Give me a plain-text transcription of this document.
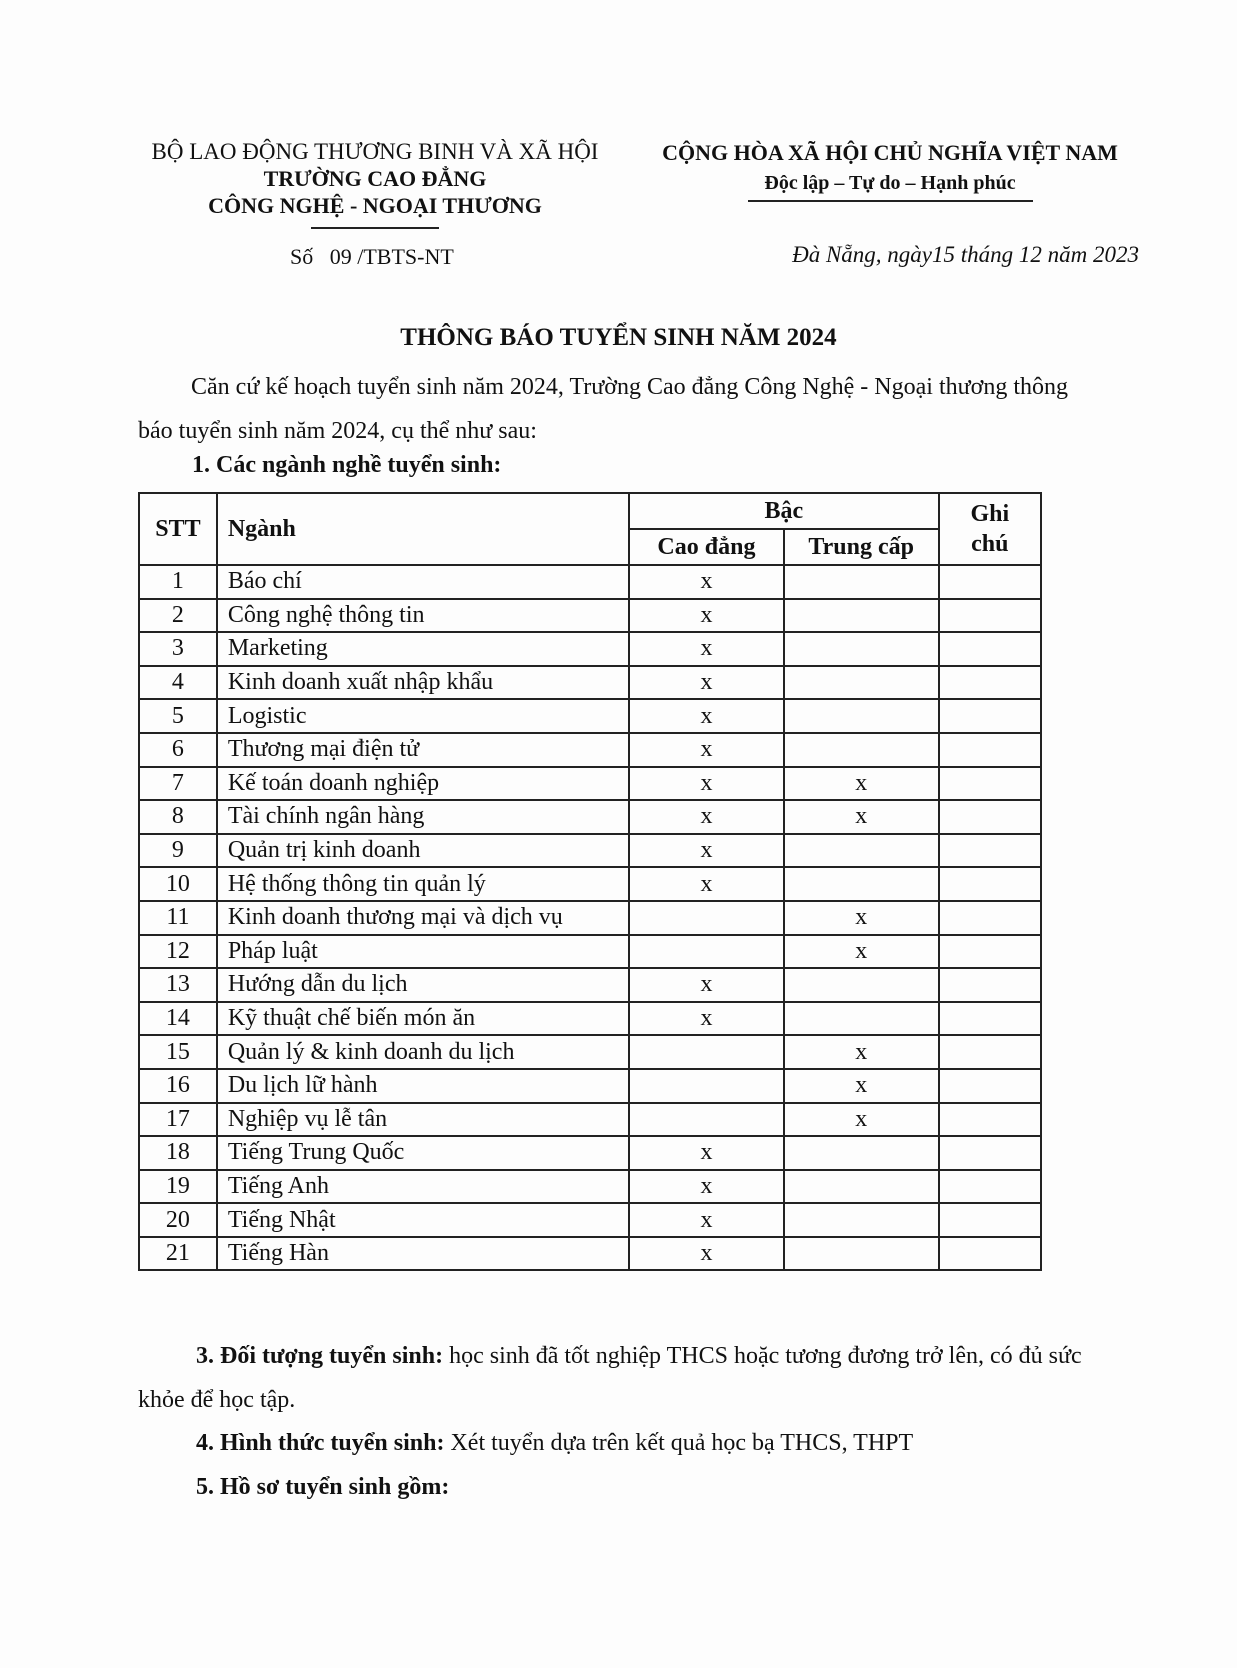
BỘ LAO ĐỘNG THƯƠNG BINH VÀ XÃ HỘI
TRƯỜNG CAO ĐẲNG
CÔNG NGHỆ - NGOẠI THƯƠNG
Số   09 /TBTS-NT
CỘNG HÒA XÃ HỘI CHỦ NGHĨA VIỆT NAM
Độc lập – Tự do – Hạnh phúc
Đà Nẵng, ngày15 tháng 12 năm 2023
THÔNG BÁO TUYỂN SINH NĂM 2024
Căn cứ kế hoạch tuyển sinh năm 2024, Trường Cao đẳng Công Nghệ - Ngoại thương thông báo tuyển sinh năm 2024, cụ thể như sau:
1. Các ngành nghề tuyển sinh:
STT	Ngành	Bậc		Ghi chú
		Cao đẳng	Trung cấp	
1	Báo chí	x		
2	Công nghệ thông tin	x		
3	Marketing	x		
4	Kinh doanh xuất nhập khẩu	x		
5	Logistic	x		
6	Thương mại điện tử	x		
7	Kế toán doanh nghiệp	x	x	
8	Tài chính ngân hàng	x	x	
9	Quản trị kinh doanh	x		
10	Hệ thống thông tin quản lý	x		
11	Kinh doanh thương mại và dịch vụ		x	
12	Pháp luật		x	
13	Hướng dẫn du lịch	x		
14	Kỹ thuật chế biến món ăn	x		
15	Quản lý & kinh doanh du lịch		x	
16	Du lịch lữ hành		x	
17	Nghiệp vụ lễ tân		x	
18	Tiếng Trung Quốc	x		
19	Tiếng Anh	x		
20	Tiếng Nhật	x		
21	Tiếng Hàn	x		
3. Đối tượng tuyển sinh: học sinh đã tốt nghiệp THCS hoặc tương đương trở lên, có đủ sức khỏe để học tập.
4. Hình thức tuyển sinh: Xét tuyển dựa trên kết quả học bạ THCS, THPT
5. Hồ sơ tuyển sinh gồm:
